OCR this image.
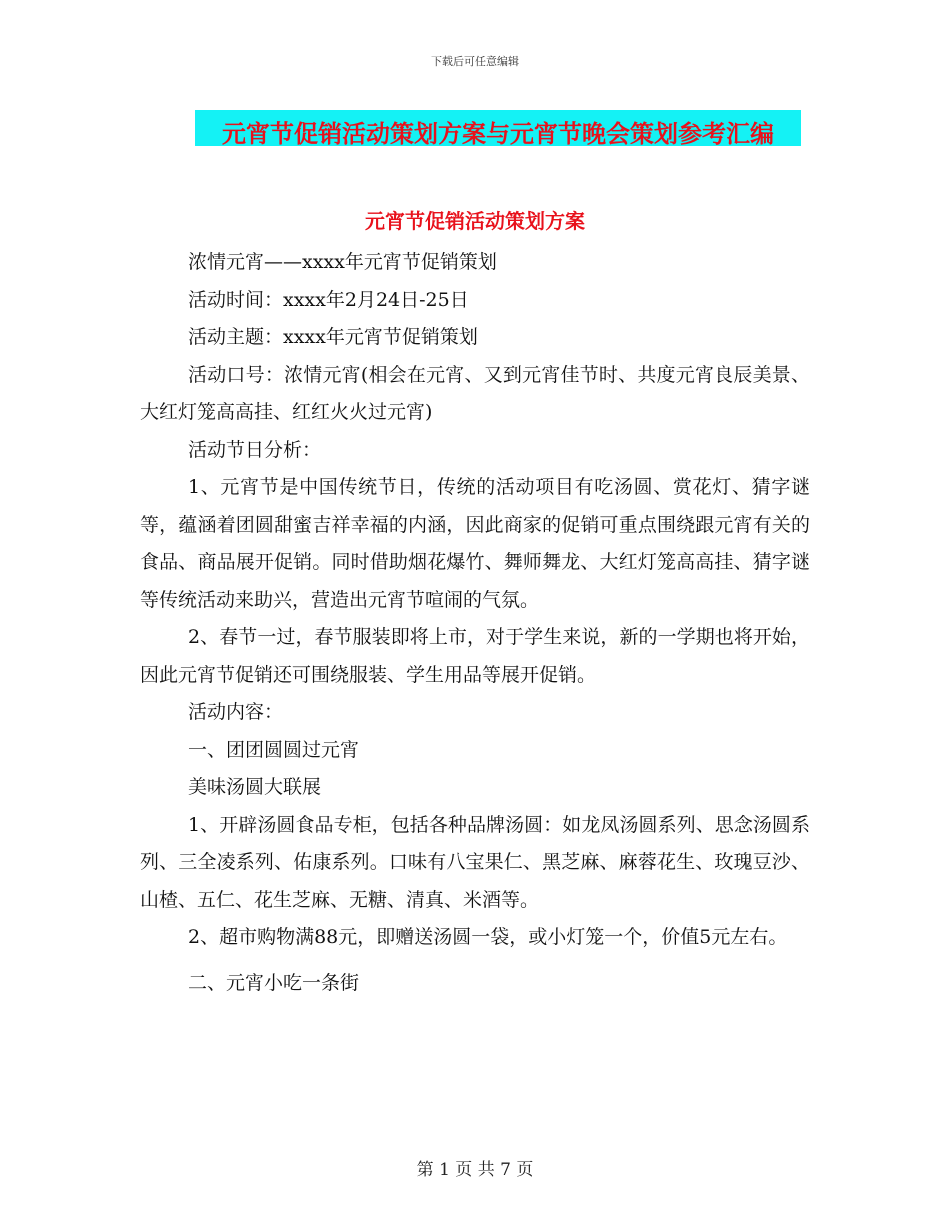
下载后可任意编辑
元宵节促销活动策划方案与元宵节晚会策划参考汇编
元宵节促销活动策划方案

浓情元宵——xxxx年元宵节促销策划

活动时间：xxxx年2月24日-25日

活动主题：xxxx年元宵节促销策划

活动口号：浓情元宵(相会在元宵、又到元宵佳节时、共度元宵良辰美景、大红灯笼高高挂、红红火火过元宵)

活动节日分析：

1、元宵节是中国传统节日，传统的活动项目有吃汤圆、赏花灯、猜字谜等，蕴涵着团圆甜蜜吉祥幸福的内涵，因此商家的促销可重点围绕跟元宵有关的食品、商品展开促销。同时借助烟花爆竹、舞师舞龙、大红灯笼高高挂、猜字谜等传统活动来助兴，营造出元宵节喧闹的气氛。

2、春节一过，春节服装即将上市，对于学生来说，新的一学期也将开始，因此元宵节促销还可围绕服装、学生用品等展开促销。

活动内容：

一、团团圆圆过元宵

美味汤圆大联展

1、开辟汤圆食品专柜，包括各种品牌汤圆：如龙凤汤圆系列、思念汤圆系列、三全凌系列、佑康系列。口味有八宝果仁、黑芝麻、麻蓉花生、玫瑰豆沙、山楂、五仁、花生芝麻、无糖、清真、米酒等。

2、超市购物满88元，即赠送汤圆一袋，或小灯笼一个，价值5元左右。

二、元宵小吃一条街

第 1 页 共 7 页
